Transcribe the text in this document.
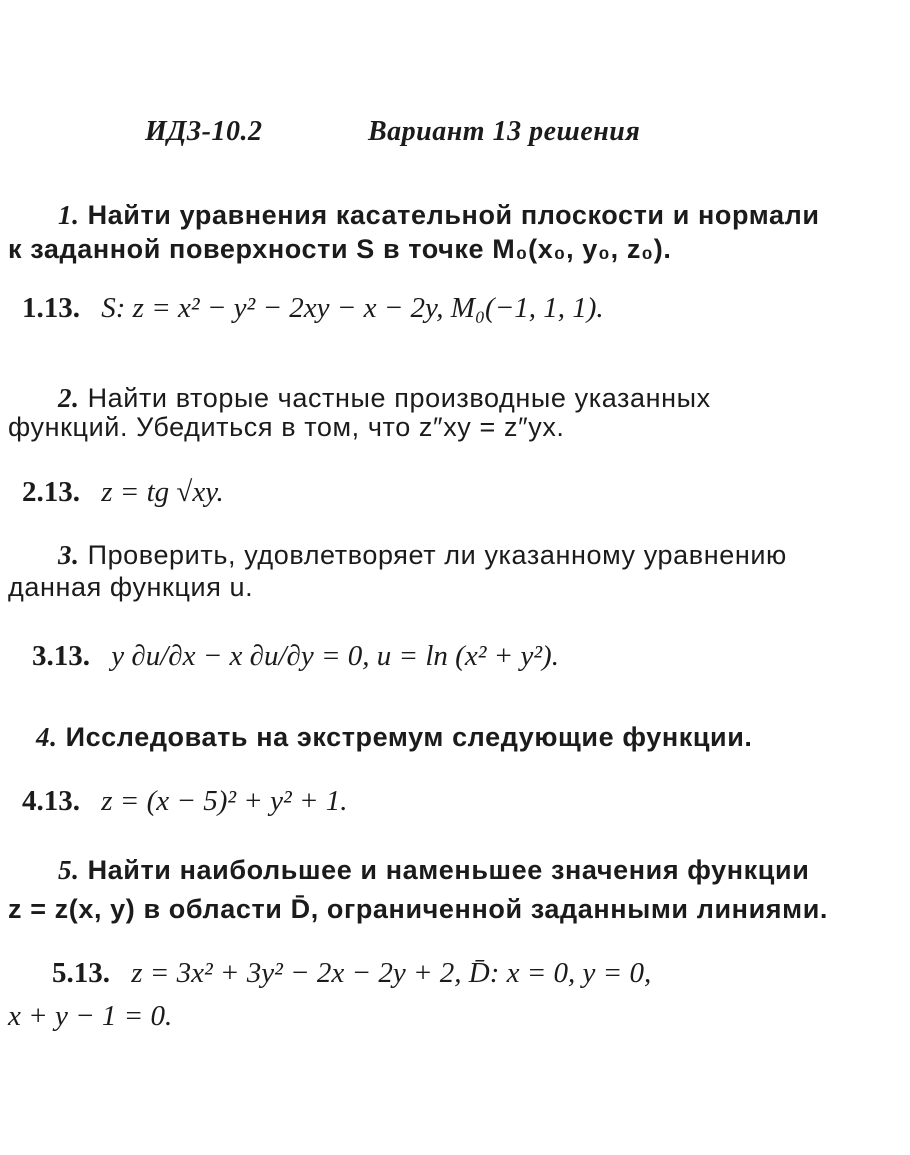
ИДЗ-10.2	Вариант 13 решения
1. Найти уравнения касательной плоскости и нормали
к заданной поверхности S в точке M₀(x₀, y₀, z₀).
1.13. S: z = x² − y² − 2xy − x − 2y, M₀(−1, 1, 1).
2. Найти вторые частные производные указанных
функций. Убедиться в том, что z″xy = z″yx.
2.13. z = tg √xy.
3. Проверить, удовлетворяет ли указанному уравнению
данная функция u.
3.13. y ∂u/∂x − x ∂u/∂y = 0, u = ln (x² + y²).
4. Исследовать на экстремум следующие функции.
4.13. z = (x − 5)² + y² + 1.
5. Найти наибольшее и наменьшее значения функции
z = z(x, y) в области D̄, ограниченной заданными линиями.
5.13. z = 3x² + 3y² − 2x − 2y + 2, D̄: x = 0, y = 0,
x + y − 1 = 0.
